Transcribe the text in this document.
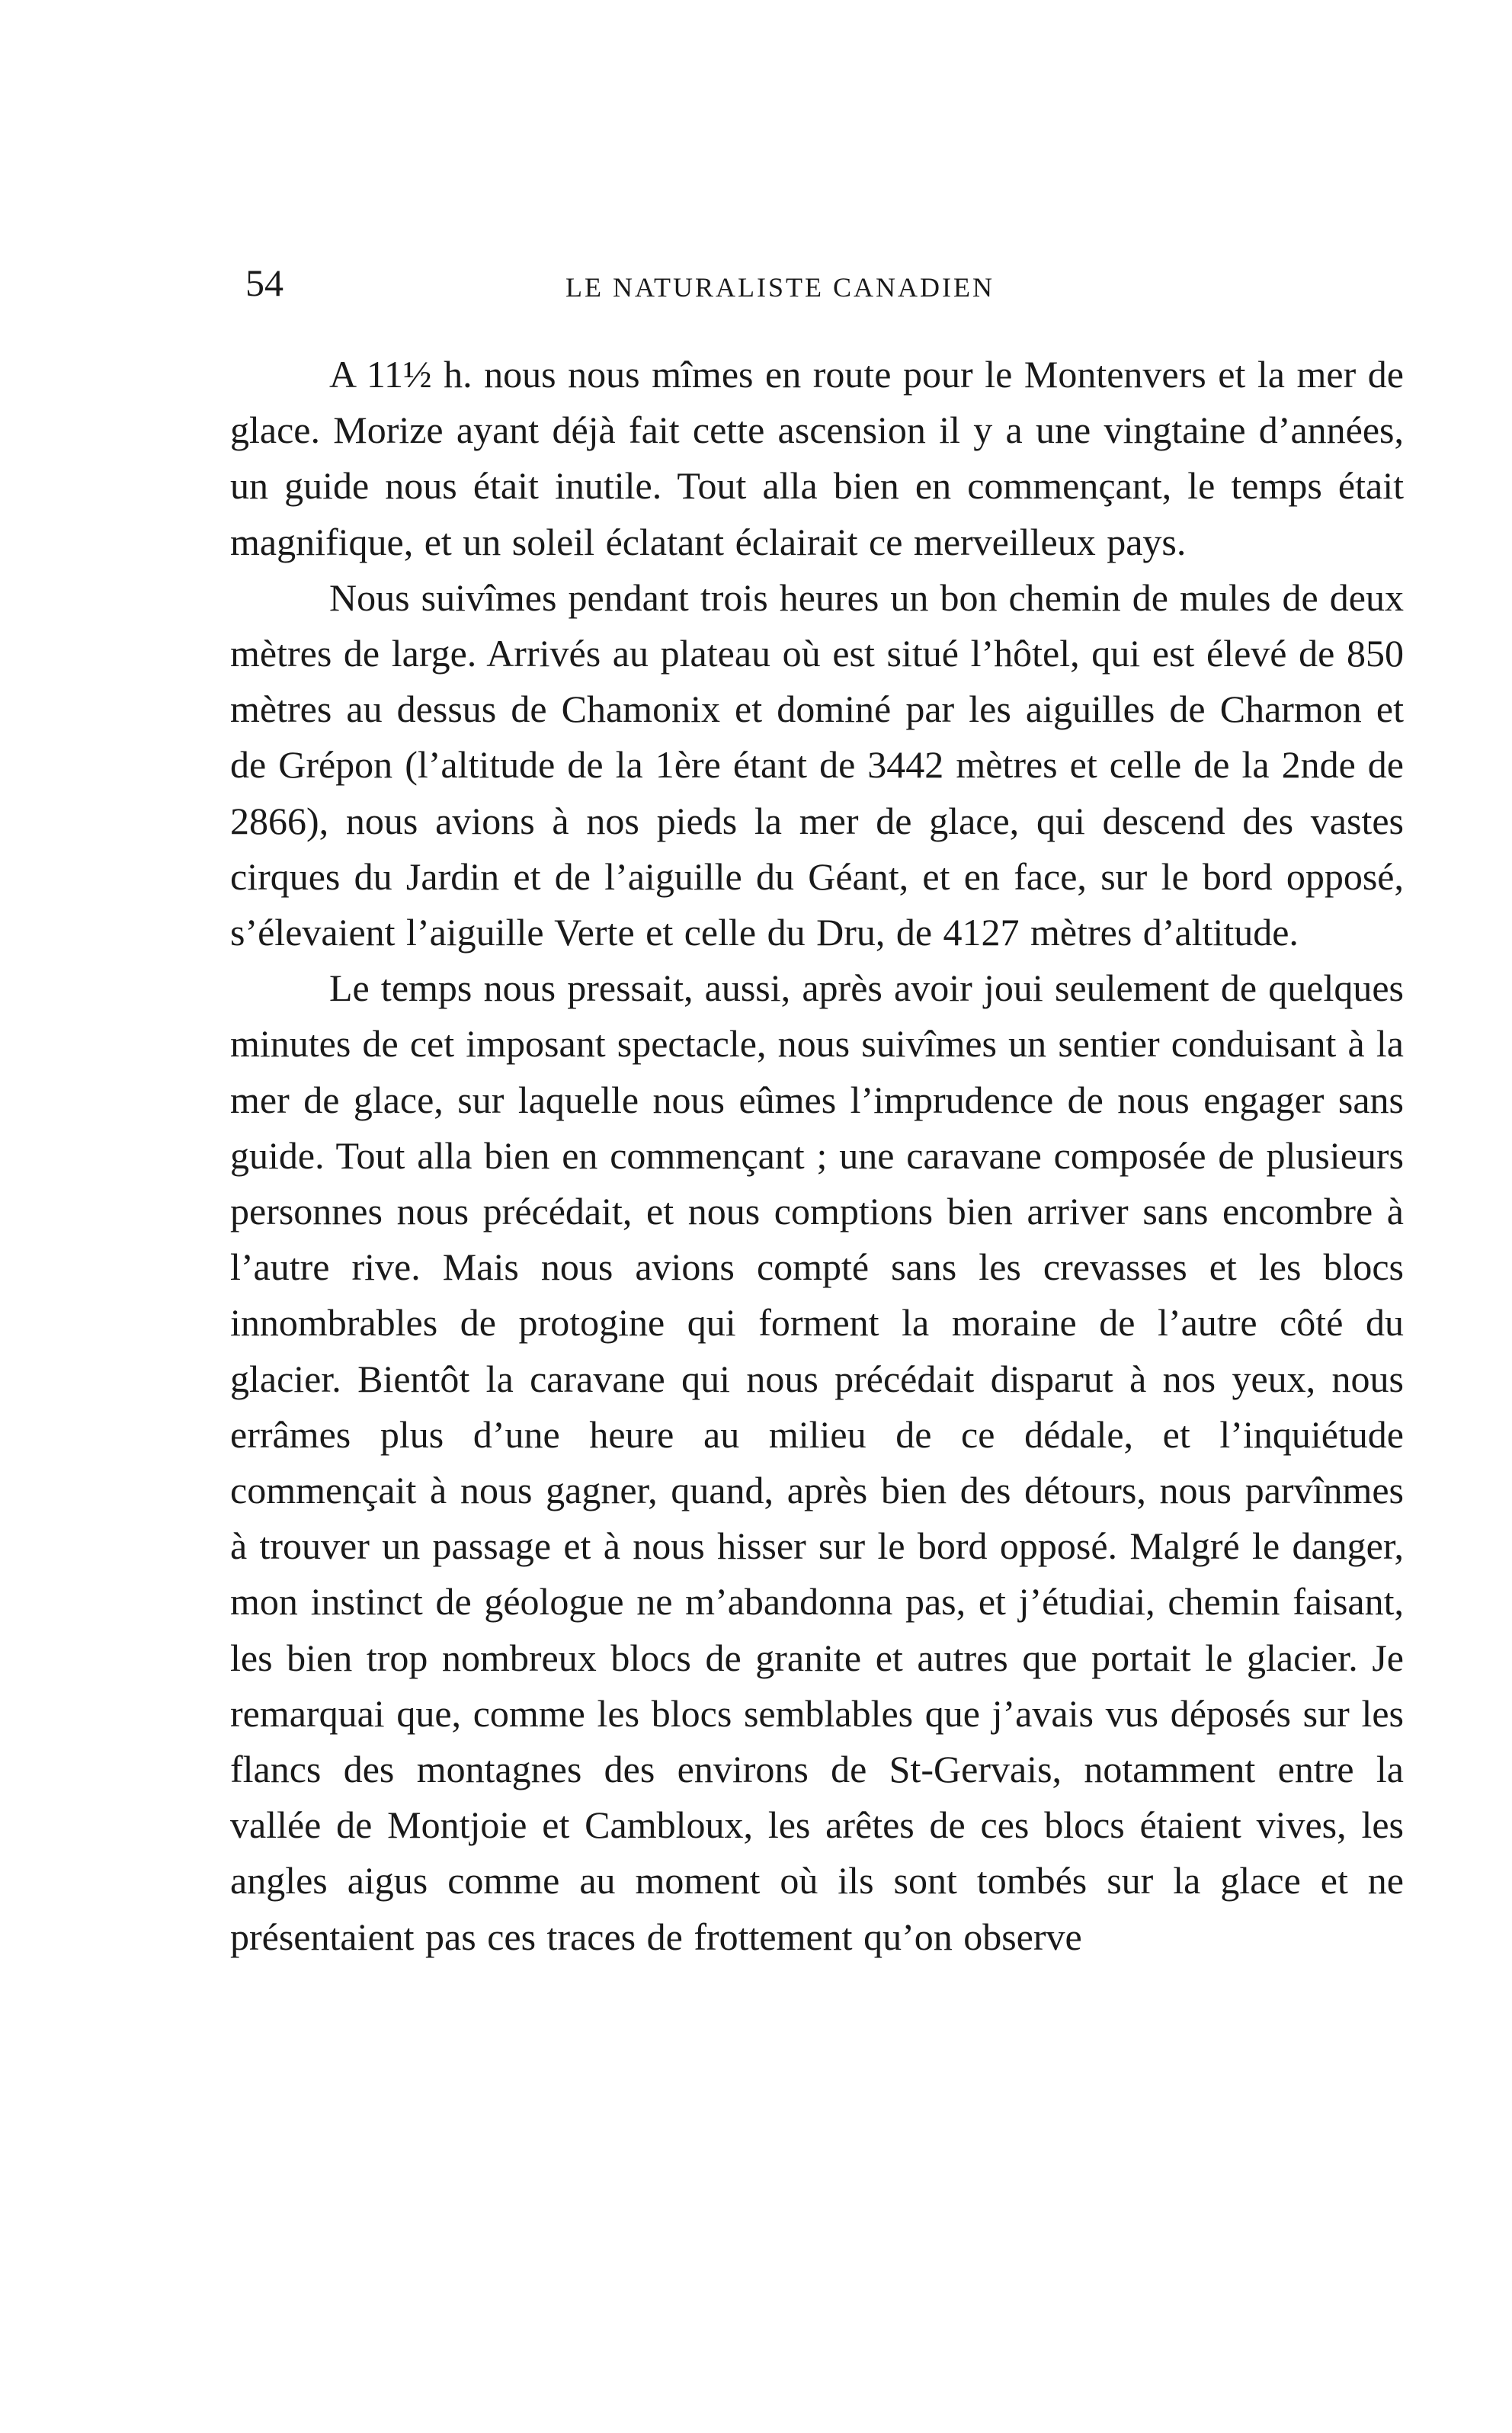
54	LE NATURALISTE CANADIEN

A 11½ h. nous nous mîmes en route pour le Montenvers et la mer de glace. Morize ayant déjà fait cette ascension il y a une vingtaine d’années, un guide nous était inutile. Tout alla bien en commençant, le temps était magnifique, et un soleil éclatant éclairait ce merveilleux pays.

Nous suivîmes pendant trois heures un bon chemin de mules de deux mètres de large. Arrivés au plateau où est situé l’hôtel, qui est élevé de 850 mètres au dessus de Chamonix et dominé par les aiguilles de Charmon et de Grépon (l’altitude de la 1ère étant de 3442 mètres et celle de la 2nde de 2866), nous avions à nos pieds la mer de glace, qui descend des vastes cirques du Jardin et de l’aiguille du Géant, et en face, sur le bord opposé, s’élevaient l’aiguille Verte et celle du Dru, de 4127 mètres d’altitude.

Le temps nous pressait, aussi, après avoir joui seulement de quelques minutes de cet imposant spectacle, nous suivîmes un sentier conduisant à la mer de glace, sur laquelle nous eûmes l’imprudence de nous engager sans guide. Tout alla bien en commençant ; une caravane composée de plusieurs personnes nous précédait, et nous comptions bien arriver sans encombre à l’autre rive. Mais nous avions compté sans les crevasses et les blocs innombrables de protogine qui forment la moraine de l’autre côté du glacier. Bientôt la caravane qui nous précédait disparut à nos yeux, nous errâmes plus d’une heure au milieu de ce dédale, et l’inquiétude commençait à nous gagner, quand, après bien des détours, nous parvînmes à trouver un passage et à nous hisser sur le bord opposé. Malgré le danger, mon instinct de géologue ne m’abandonna pas, et j’étudiai, chemin faisant, les bien trop nombreux blocs de granite et autres que portait le glacier. Je remarquai que, comme les blocs semblables que j’avais vus déposés sur les flancs des montagnes des environs de St-Gervais, notamment entre la vallée de Montjoie et Cambloux, les arêtes de ces blocs étaient vives, les angles aigus comme au moment où ils sont tombés sur la glace et ne présentaient pas ces traces de frottement qu’on observe
